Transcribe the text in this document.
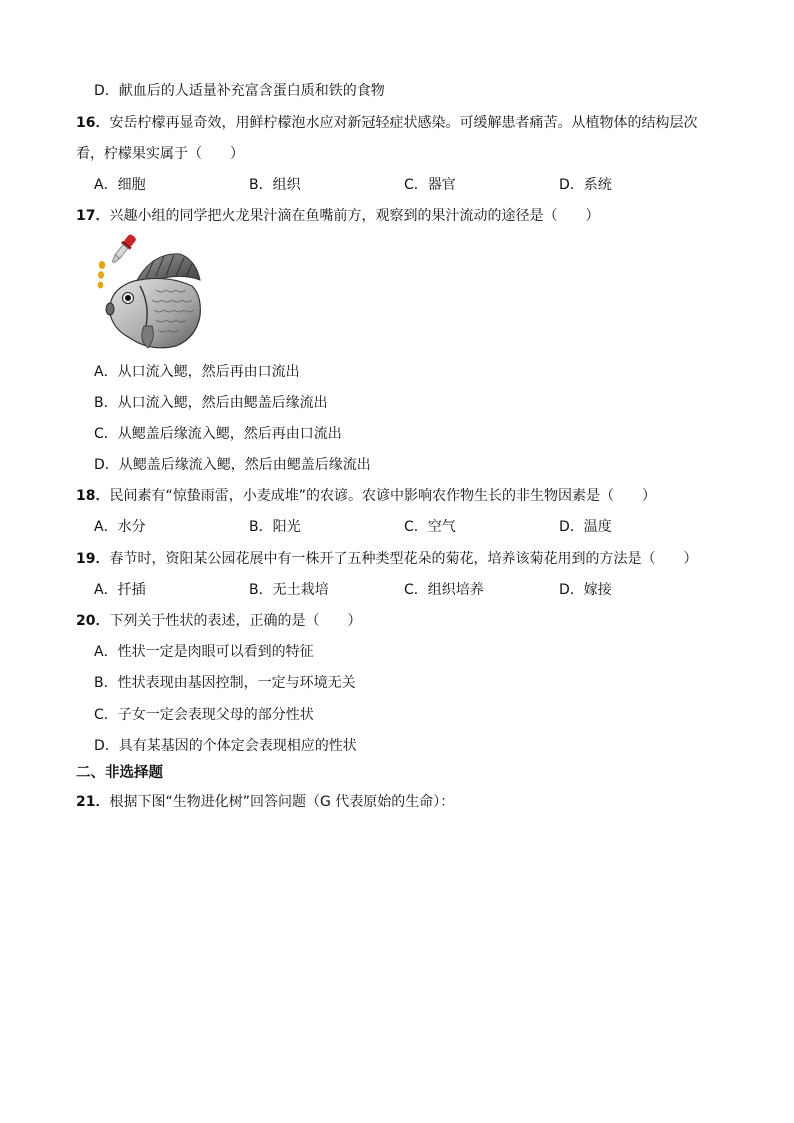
D．献血后的人适量补充富含蛋白质和铁的食物
16．安岳柠檬再显奇效，用鲜柠檬泡水应对新冠轻症状感染。可缓解患者痛苦。从植物体的结构层次
看，柠檬果实属于（　　）
A．细胞	B．组织	C．器官	D．系统
17．兴趣小组的同学把火龙果汁滴在鱼嘴前方，观察到的果汁流动的途径是（　　）
A．从口流入鳃，然后再由口流出
B．从口流入鳃，然后由鳃盖后缘流出
C．从鳃盖后缘流入鳃，然后再由口流出
D．从鳃盖后缘流入鳃，然后由鳃盖后缘流出
18．民间素有“惊蛰雨雷，小麦成堆”的农谚。农谚中影响农作物生长的非生物因素是（　　）
A．水分	B．阳光	C．空气	D．温度
19．春节时，资阳某公园花展中有一株开了五种类型花朵的菊花，培养该菊花用到的方法是（　　）
A．扦插	B．无土栽培	C．组织培养	D．嫁接
20．下列关于性状的表述，正确的是（　　）
A．性状一定是肉眼可以看到的特征
B．性状表现由基因控制，一定与环境无关
C．子女一定会表现父母的部分性状
D．具有某基因的个体定会表现相应的性状
二、非选择题
21．根据下图“生物进化树”回答问题（G 代表原始的生命）：
